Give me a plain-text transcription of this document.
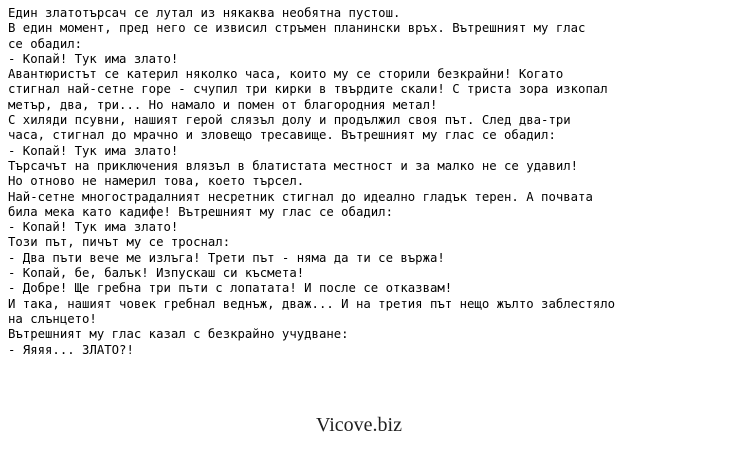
Един златотърсач се лутал из някаква необятна пустош.
В един момент, пред него се извисил стръмен планински връх. Вътрешният му глас
се обадил:
- Копай! Тук има злато!
Авантюристът се катерил няколко часа, които му се сторили безкрайни! Когато
стигнал най-сетне горе - счупил три кирки в твърдите скали! С триста зора изкопал
метър, два, три... Но намало и помен от благородния метал!
С хиляди псувни, нашият герой слязъл долу и продължил своя път. След два-три
часа, стигнал до мрачно и зловещо тресавище. Вътрешният му глас се обадил:
- Копай! Тук има злато!
Търсачът на приключения влязъл в блатистата местност и за малко не се удавил!
Но отново не намерил това, което търсел.
Най-сетне многострадалният несретник стигнал до идеално гладък терен. А почвата
била мека като кадифе! Вътрешният му глас се обадил:
- Копай! Тук има злато!
Този път, пичът му се троснал:
- Два пъти вече ме излъга! Трети път - няма да ти се вържа!
- Копай, бе, балък! Изпускаш си късмета!
- Добре! Ще гребна три пъти с лопатата! И после се отказвам!
И така, нашият човек гребнал веднъж, дваж... И на третия път нещо жълто заблестяло
на слънцето!
Вътрешният му глас казал с безкрайно учудване:
- Яяяя... ЗЛАТО?!
Vicove.biz
